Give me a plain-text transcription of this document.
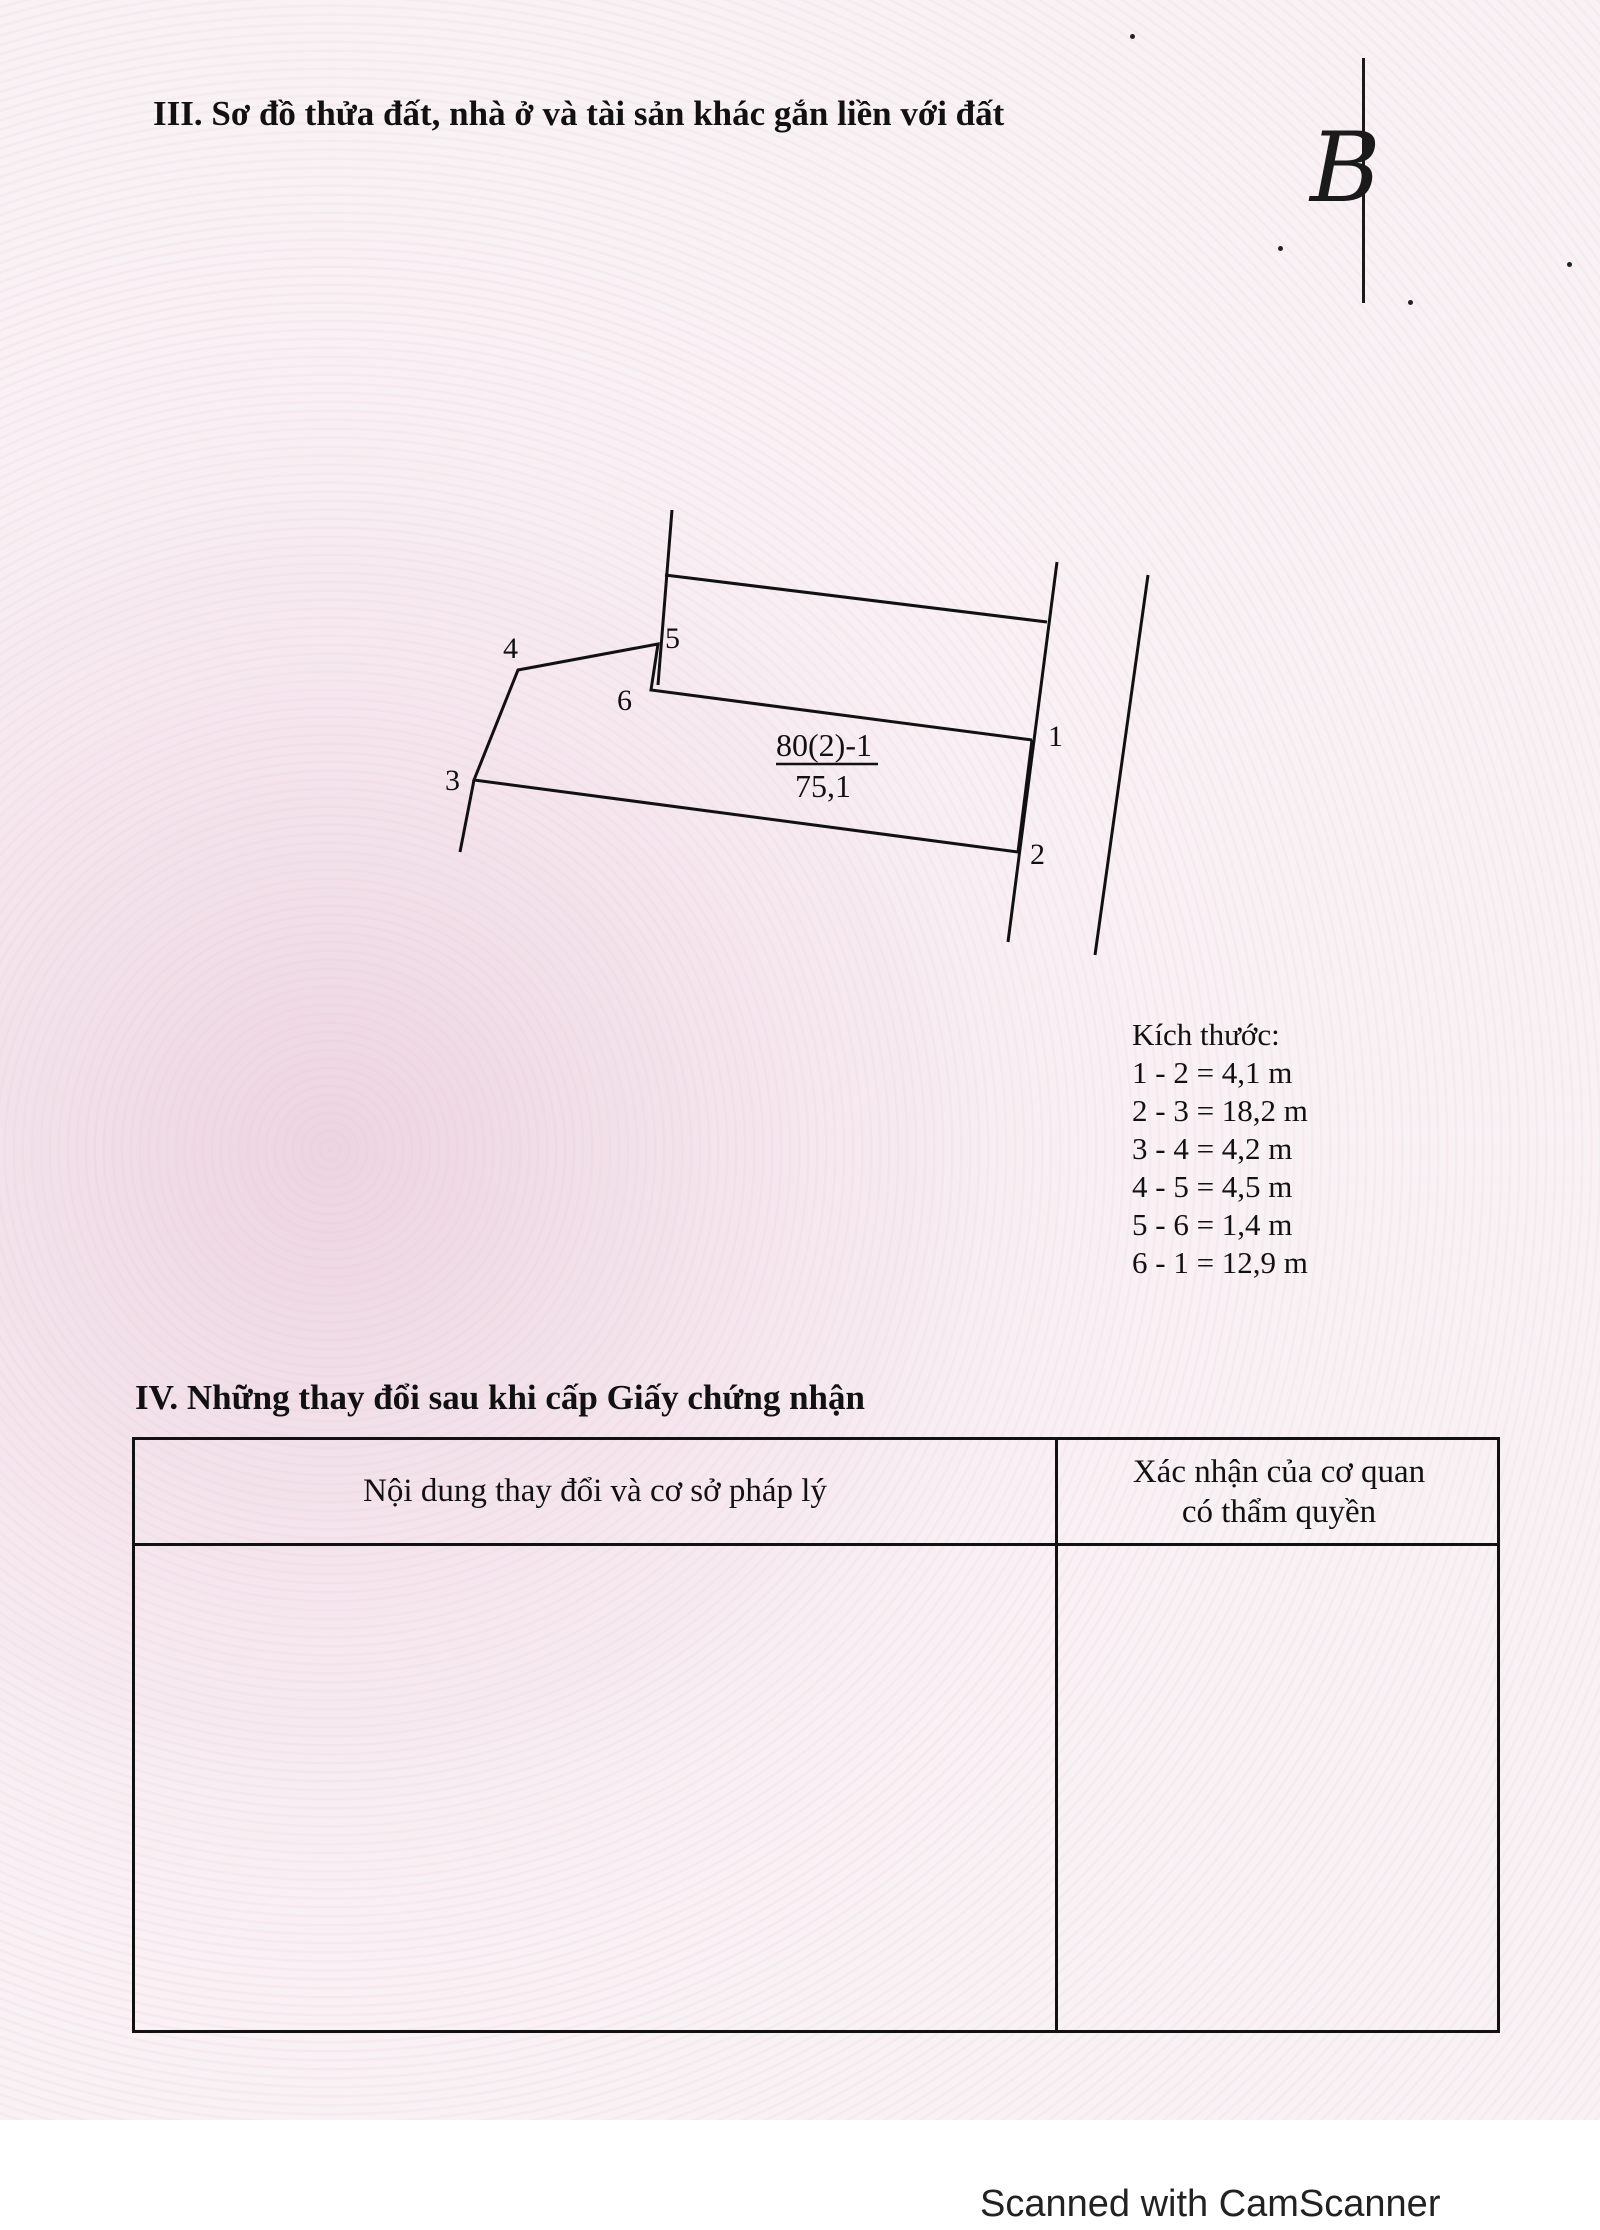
III. Sơ đồ thửa đất, nhà ở và tài sản khác gắn liền với đất	B
1
2
3
4	5
6
80(2)-1
75,1
Kích thước:
1 - 2 = 4,1 m
2 - 3 = 18,2 m
3 - 4 = 4,2 m
4 - 5 = 4,5 m
5 - 6 = 1,4 m
6 - 1 = 12,9 m
IV. Những thay đổi sau khi cấp Giấy chứng nhận
Nội dung thay đổi và cơ sở pháp lý
Xác nhận của cơ quan
có thẩm quyền
Scanned with CamScanner
